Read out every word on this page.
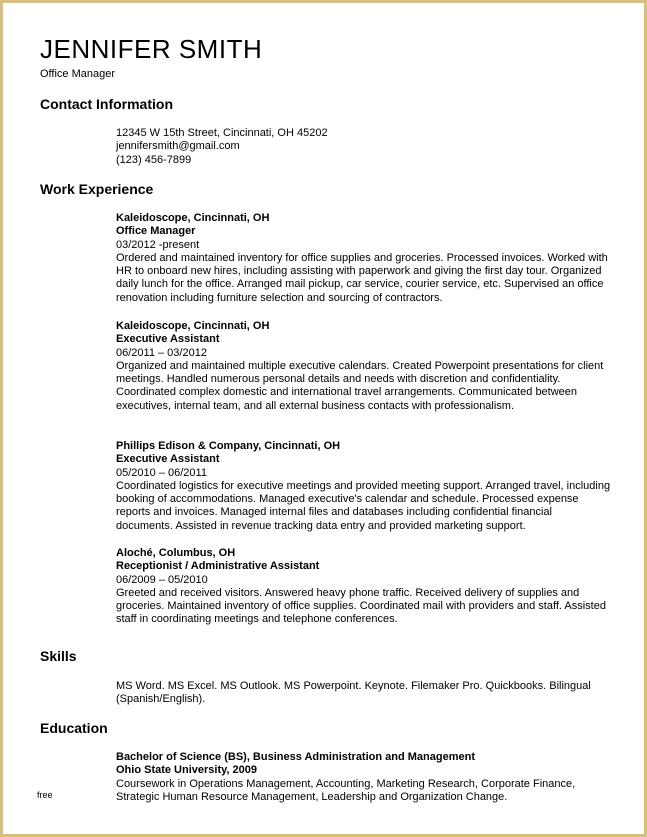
JENNIFER SMITH
Office Manager
Contact Information
12345 W 15th Street, Cincinnati, OH 45202
jennifersmith@gmail.com
(123) 456-7899
Work Experience
Kaleidoscope, Cincinnati, OH
Office Manager
03/2012 -present
Ordered and maintained inventory for office supplies and groceries. Processed invoices. Worked with HR to onboard new hires, including assisting with paperwork and giving the first day tour. Organized daily lunch for the office. Arranged mail pickup, car service, courier service, etc. Supervised an office renovation including furniture selection and sourcing of contractors.
Kaleidoscope, Cincinnati, OH
Executive Assistant
06/2011 – 03/2012
Organized and maintained multiple executive calendars. Created Powerpoint presentations for client meetings. Handled numerous personal details and needs with discretion and confidentiality. Coordinated complex domestic and international travel arrangements. Communicated between executives, internal team, and all external business contacts with professionalism.
Phillips Edison & Company, Cincinnati, OH
Executive Assistant
05/2010 – 06/2011
Coordinated logistics for executive meetings and provided meeting support. Arranged travel, including booking of accommodations. Managed executive's calendar and schedule. Processed expense reports and invoices. Managed internal files and databases including confidential financial documents. Assisted in revenue tracking data entry and provided marketing support.
Aloché, Columbus, OH
Receptionist / Administrative Assistant
06/2009 – 05/2010
Greeted and received visitors. Answered heavy phone traffic. Received delivery of supplies and groceries. Maintained inventory of office supplies. Coordinated mail with providers and staff. Assisted staff in coordinating meetings and telephone conferences.
Skills
MS Word. MS Excel. MS Outlook. MS Powerpoint. Keynote. Filemaker Pro. Quickbooks. Bilingual (Spanish/English).
Education
Bachelor of Science (BS), Business Administration and Management
Ohio State University, 2009
Coursework in Operations Management, Accounting, Marketing Research, Corporate Finance, Strategic Human Resource Management, Leadership and Organization Change.
free
